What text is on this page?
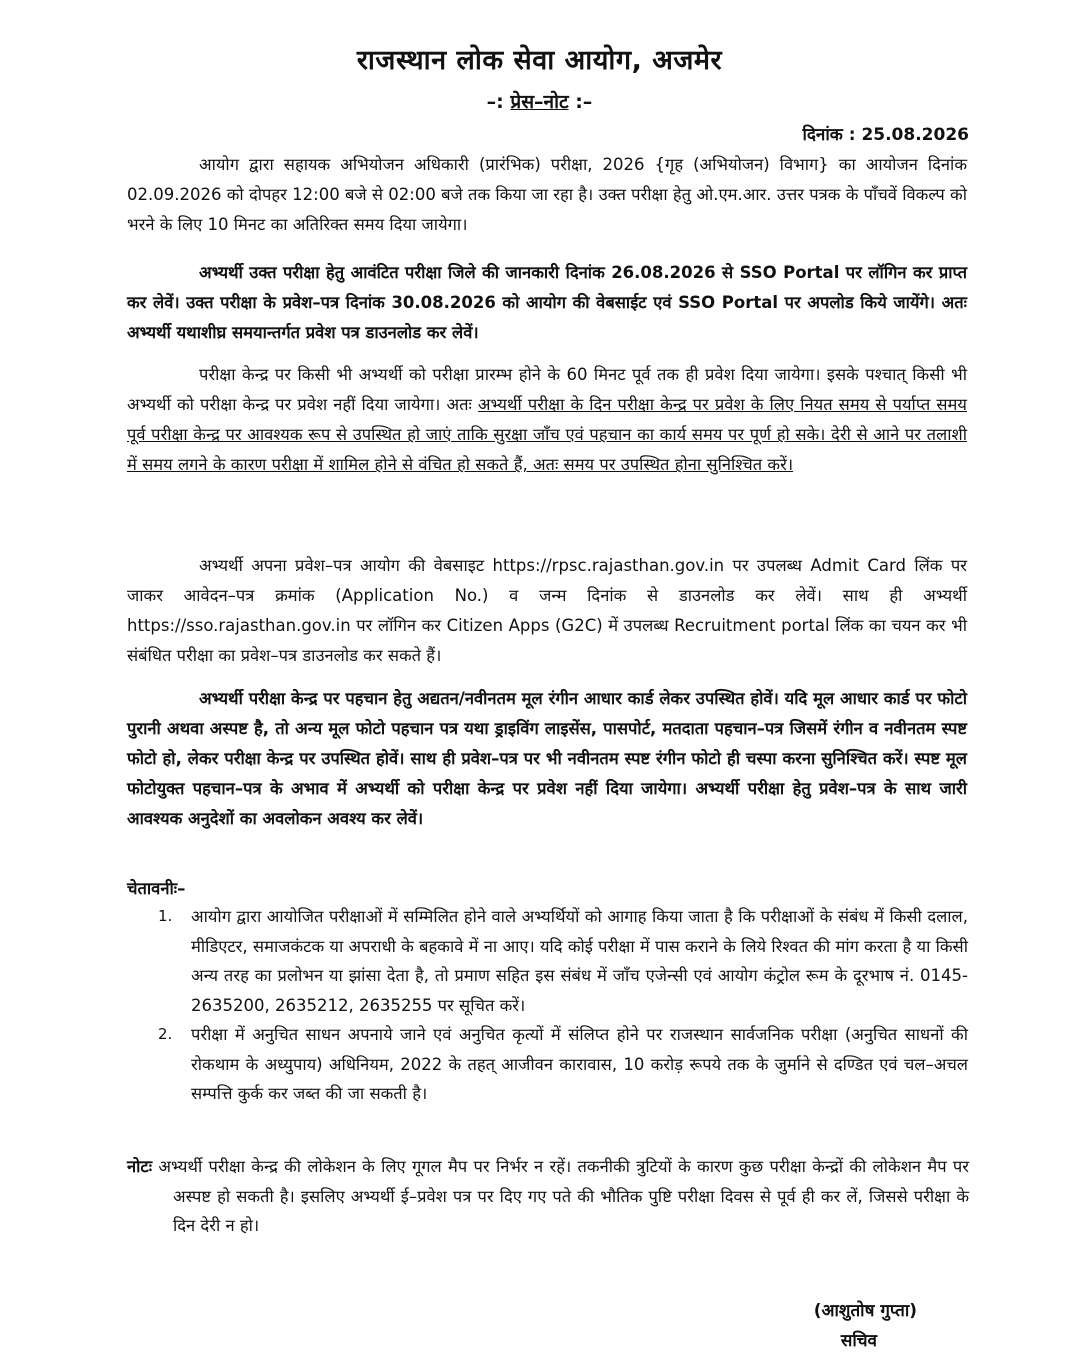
राजस्थान लोक सेवा आयोग, अजमेर
–: प्रेस–नोट :–
दिनांक : 25.08.2026
आयोग द्वारा सहायक अभियोजन अधिकारी (प्रारंभिक) परीक्षा, 2026 {गृह (अभियोजन) विभाग} का आयोजन दिनांक 02.09.2026 को दोपहर 12:00 बजे से 02:00 बजे तक किया जा रहा है। उक्त परीक्षा हेतु ओ.एम.आर. उत्तर पत्रक के पाँचवें विकल्प को भरने के लिए 10 मिनट का अतिरिक्त समय दिया जायेगा।
अभ्यर्थी उक्त परीक्षा हेतु आवंटित परीक्षा जिले की जानकारी दिनांक 26.08.2026 से SSO Portal पर लॉगिन कर प्राप्त कर लेवें। उक्त परीक्षा के प्रवेश–पत्र दिनांक 30.08.2026 को आयोग की वेबसाईट एवं SSO Portal पर अपलोड किये जायेंगे। अतः अभ्यर्थी यथाशीघ्र समयान्तर्गत प्रवेश पत्र डाउनलोड कर लेवें।
परीक्षा केन्द्र पर किसी भी अभ्यर्थी को परीक्षा प्रारम्भ होने के 60 मिनट पूर्व तक ही प्रवेश दिया जायेगा। इसके पश्चात् किसी भी अभ्यर्थी को परीक्षा केन्द्र पर प्रवेश नहीं दिया जायेगा। अतः अभ्यर्थी परीक्षा के दिन परीक्षा केन्द्र पर प्रवेश के लिए नियत समय से पर्याप्त समय पूर्व परीक्षा केन्द्र पर आवश्यक रूप से उपस्थित हो जाएं ताकि सुरक्षा जाँच एवं पहचान का कार्य समय पर पूर्ण हो सके। देरी से आने पर तलाशी में समय लगने के कारण परीक्षा में शामिल होने से वंचित हो सकते हैं, अतः समय पर उपस्थित होना सुनिश्चित करें।
अभ्यर्थी अपना प्रवेश–पत्र आयोग की वेबसाइट https://rpsc.rajasthan.gov.in पर उपलब्ध Admit Card लिंक पर जाकर आवेदन–पत्र क्रमांक (Application No.) व जन्म दिनांक से डाउनलोड कर लेवें। साथ ही अभ्यर्थी https://sso.rajasthan.gov.in पर लॉगिन कर Citizen Apps (G2C) में उपलब्ध Recruitment portal लिंक का चयन कर भी संबंधित परीक्षा का प्रवेश–पत्र डाउनलोड कर सकते हैं।
अभ्यर्थी परीक्षा केन्द्र पर पहचान हेतु अद्यतन/नवीनतम मूल रंगीन आधार कार्ड लेकर उपस्थित होवें। यदि मूल आधार कार्ड पर फोटो पुरानी अथवा अस्पष्ट है, तो अन्य मूल फोटो पहचान पत्र यथा ड्राइविंग लाइसेंस, पासपोर्ट, मतदाता पहचान–पत्र जिसमें रंगीन व नवीनतम स्पष्ट फोटो हो, लेकर परीक्षा केन्द्र पर उपस्थित होवें। साथ ही प्रवेश–पत्र पर भी नवीनतम स्पष्ट रंगीन फोटो ही चस्पा करना सुनिश्चित करें। स्पष्ट मूल फोटोयुक्त पहचान–पत्र के अभाव में अभ्यर्थी को परीक्षा केन्द्र पर प्रवेश नहीं दिया जायेगा। अभ्यर्थी परीक्षा हेतु प्रवेश–पत्र के साथ जारी आवश्यक अनुदेशों का अवलोकन अवश्य कर लेवें।
चेतावनीः–
1. आयोग द्वारा आयोजित परीक्षाओं में सम्मिलित होने वाले अभ्यर्थियों को आगाह किया जाता है कि परीक्षाओं के संबंध में किसी दलाल, मीडिएटर, समाजकंटक या अपराधी के बहकावे में ना आए। यदि कोई परीक्षा में पास कराने के लिये रिश्वत की मांग करता है या किसी अन्य तरह का प्रलोभन या झांसा देता है, तो प्रमाण सहित इस संबंध में जाँच एजेन्सी एवं आयोग कंट्रोल रूम के दूरभाष नं. 0145-2635200, 2635212, 2635255 पर सूचित करें।
2. परीक्षा में अनुचित साधन अपनाये जाने एवं अनुचित कृत्यों में संलिप्त होने पर राजस्थान सार्वजनिक परीक्षा (अनुचित साधनों की रोकथाम के अध्युपाय) अधिनियम, 2022 के तहत् आजीवन कारावास, 10 करोड़ रूपये तक के जुर्माने से दण्डित एवं चल–अचल सम्पत्ति कुर्क कर जब्त की जा सकती है।
नोटः अभ्यर्थी परीक्षा केन्द्र की लोकेशन के लिए गूगल मैप पर निर्भर न रहें। तकनीकी त्रुटियों के कारण कुछ परीक्षा केन्द्रों की लोकेशन मैप पर अस्पष्ट हो सकती है। इसलिए अभ्यर्थी ई–प्रवेश पत्र पर दिए गए पते की भौतिक पुष्टि परीक्षा दिवस से पूर्व ही कर लें, जिससे परीक्षा के दिन देरी न हो।
(आशुतोष गुप्ता)
सचिव
